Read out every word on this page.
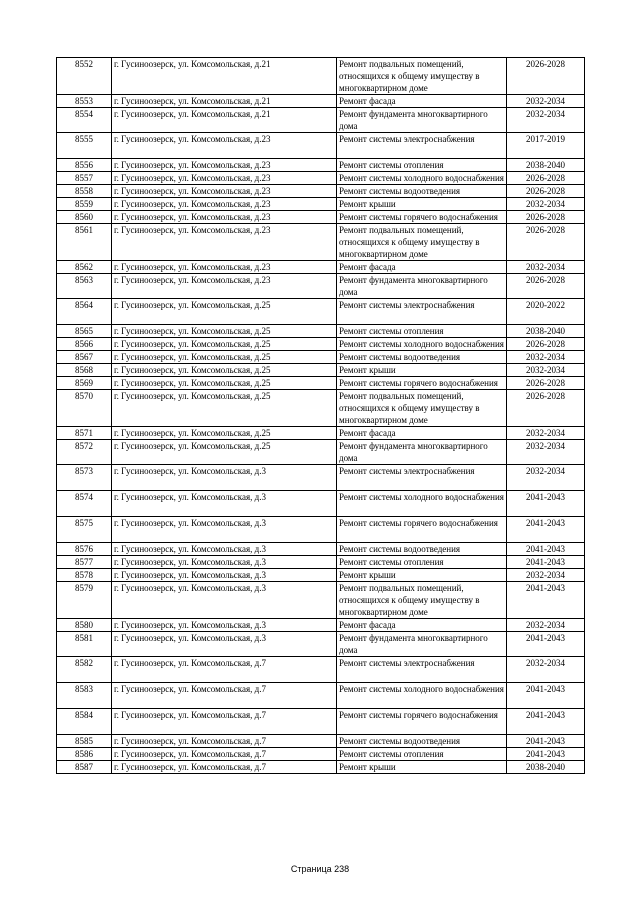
8552	г. Гусиноозерск, ул. Комсомольская, д.21	Ремонт подвальных помещений, относящихся к общему имуществу в многоквартирном доме	2026-2028
8553	г. Гусиноозерск, ул. Комсомольская, д.21	Ремонт фасада	2032-2034
8554	г. Гусиноозерск, ул. Комсомольская, д.21	Ремонт фундамента многоквартирного дома	2032-2034
8555	г. Гусиноозерск, ул. Комсомольская, д.23	Ремонт системы электроснабжения	2017-2019
8556	г. Гусиноозерск, ул. Комсомольская, д.23	Ремонт системы отопления	2038-2040
8557	г. Гусиноозерск, ул. Комсомольская, д.23	Ремонт системы холодного водоснабжения	2026-2028
8558	г. Гусиноозерск, ул. Комсомольская, д.23	Ремонт системы водоотведения	2026-2028
8559	г. Гусиноозерск, ул. Комсомольская, д.23	Ремонт крыши	2032-2034
8560	г. Гусиноозерск, ул. Комсомольская, д.23	Ремонт системы горячего водоснабжения	2026-2028
8561	г. Гусиноозерск, ул. Комсомольская, д.23	Ремонт подвальных помещений, относящихся к общему имуществу в многоквартирном доме	2026-2028
8562	г. Гусиноозерск, ул. Комсомольская, д.23	Ремонт фасада	2032-2034
8563	г. Гусиноозерск, ул. Комсомольская, д.23	Ремонт фундамента многоквартирного дома	2026-2028
8564	г. Гусиноозерск, ул. Комсомольская, д.25	Ремонт системы электроснабжения	2020-2022
8565	г. Гусиноозерск, ул. Комсомольская, д.25	Ремонт системы отопления	2038-2040
8566	г. Гусиноозерск, ул. Комсомольская, д.25	Ремонт системы холодного водоснабжения	2026-2028
8567	г. Гусиноозерск, ул. Комсомольская, д.25	Ремонт системы водоотведения	2032-2034
8568	г. Гусиноозерск, ул. Комсомольская, д.25	Ремонт крыши	2032-2034
8569	г. Гусиноозерск, ул. Комсомольская, д.25	Ремонт системы горячего водоснабжения	2026-2028
8570	г. Гусиноозерск, ул. Комсомольская, д.25	Ремонт подвальных помещений, относящихся к общему имуществу в многоквартирном доме	2026-2028
8571	г. Гусиноозерск, ул. Комсомольская, д.25	Ремонт фасада	2032-2034
8572	г. Гусиноозерск, ул. Комсомольская, д.25	Ремонт фундамента многоквартирного дома	2032-2034
8573	г. Гусиноозерск, ул. Комсомольская, д.3	Ремонт системы электроснабжения	2032-2034
8574	г. Гусиноозерск, ул. Комсомольская, д.3	Ремонт системы холодного водоснабжения	2041-2043
8575	г. Гусиноозерск, ул. Комсомольская, д.3	Ремонт системы горячего водоснабжения	2041-2043
8576	г. Гусиноозерск, ул. Комсомольская, д.3	Ремонт системы водоотведения	2041-2043
8577	г. Гусиноозерск, ул. Комсомольская, д.3	Ремонт системы отопления	2041-2043
8578	г. Гусиноозерск, ул. Комсомольская, д.3	Ремонт крыши	2032-2034
8579	г. Гусиноозерск, ул. Комсомольская, д.3	Ремонт подвальных помещений, относящихся к общему имуществу в многоквартирном доме	2041-2043
8580	г. Гусиноозерск, ул. Комсомольская, д.3	Ремонт фасада	2032-2034
8581	г. Гусиноозерск, ул. Комсомольская, д.3	Ремонт фундамента многоквартирного дома	2041-2043
8582	г. Гусиноозерск, ул. Комсомольская, д.7	Ремонт системы электроснабжения	2032-2034
8583	г. Гусиноозерск, ул. Комсомольская, д.7	Ремонт системы холодного водоснабжения	2041-2043
8584	г. Гусиноозерск, ул. Комсомольская, д.7	Ремонт системы горячего водоснабжения	2041-2043
8585	г. Гусиноозерск, ул. Комсомольская, д.7	Ремонт системы водоотведения	2041-2043
8586	г. Гусиноозерск, ул. Комсомольская, д.7	Ремонт системы отопления	2041-2043
8587	г. Гусиноозерск, ул. Комсомольская, д.7	Ремонт крыши	2038-2040
Страница 238
